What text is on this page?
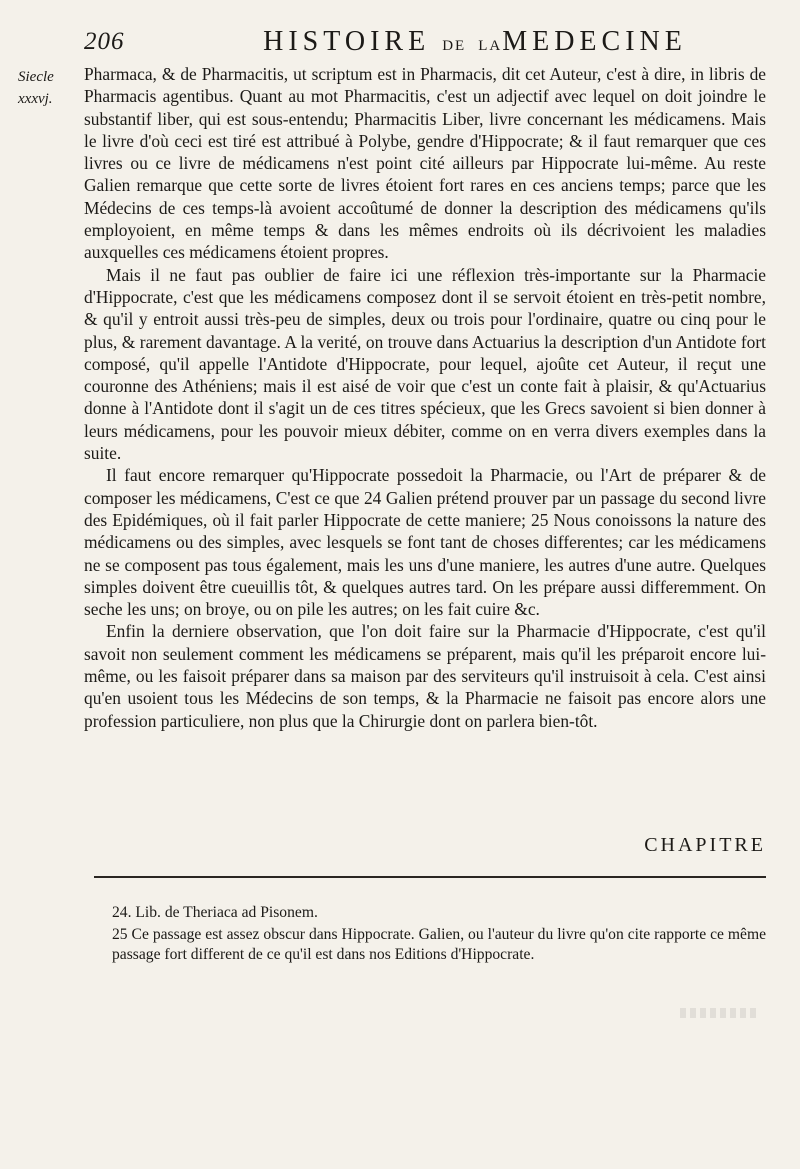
206	HISTOIRE DE LAMEDECINE
Siecle
xxxvj.

Pharmaca, & de Pharmacitis, ut scriptum est in Pharmacis, dit cet Auteur, c'est à dire, in libris de Pharmacis agentibus. Quant au mot Pharmacitis, c'est un adjectif avec lequel on doit joindre le substantif liber, qui est sous-entendu; Pharmacitis Liber, livre concernant les médicamens. Mais le livre d'où ceci est tiré est attribué à Polybe, gendre d'Hippocrate; & il faut remarquer que ces livres ou ce livre de médicamens n'est point cité ailleurs par Hippocrate lui-même. Au reste Galien remarque que cette sorte de livres étoient fort rares en ces anciens temps; parce que les Médecins de ces temps-là avoient accoûtumé de donner la description des médicamens qu'ils employoient, en même temps & dans les mêmes endroits où ils décrivoient les maladies auxquelles ces médicamens étoient propres.

Mais il ne faut pas oublier de faire ici une réflexion très-importante sur la Pharmacie d'Hippocrate, c'est que les médicamens composez dont il se servoit étoient en très-petit nombre, & qu'il y entroit aussi très-peu de simples, deux ou trois pour l'ordinaire, quatre ou cinq pour le plus, & rarement davantage. A la verité, on trouve dans Actuarius la description d'un Antidote fort composé, qu'il appelle l'Antidote d'Hippocrate, pour lequel, ajoûte cet Auteur, il reçut une couronne des Athéniens; mais il est aisé de voir que c'est un conte fait à plaisir, & qu'Actuarius donne à l'Antidote dont il s'agit un de ces titres spécieux, que les Grecs savoient si bien donner à leurs médicamens, pour les pouvoir mieux débiter, comme on en verra divers exemples dans la suite.

Il faut encore remarquer qu'Hippocrate possedoit la Pharmacie, ou l'Art de préparer & de composer les médicamens, C'est ce que 24 Galien prétend prouver par un passage du second livre des Epidémiques, où il fait parler Hippocrate de cette maniere; 25 Nous conoissons la nature des médicamens ou des simples, avec lesquels se font tant de choses differentes; car les médicamens ne se composent pas tous également, mais les uns d'une maniere, les autres d'une autre. Quelques simples doivent être cueuillis tôt, & quelques autres tard. On les prépare aussi differemment. On seche les uns; on broye, ou on pile les autres; on les fait cuire &c.

Enfin la derniere observation, que l'on doit faire sur la Pharmacie d'Hippocrate, c'est qu'il savoit non seulement comment les médicamens se préparent, mais qu'il les préparoit encore lui-même, ou les faisoit préparer dans sa maison par des serviteurs qu'il instruisoit à cela. C'est ainsi qu'en usoient tous les Médecins de son temps, & la Pharmacie ne faisoit pas encore alors une profession particuliere, non plus que la Chirurgie dont on parlera bien-tôt.

CHAPITRE
24. Lib. de Theriaca ad Pisonem.
25 Ce passage est assez obscur dans Hippocrate. Galien, ou l'auteur du livre qu'on cite rapporte ce même passage fort different de ce qu'il est dans nos Editions d'Hippocrate.
